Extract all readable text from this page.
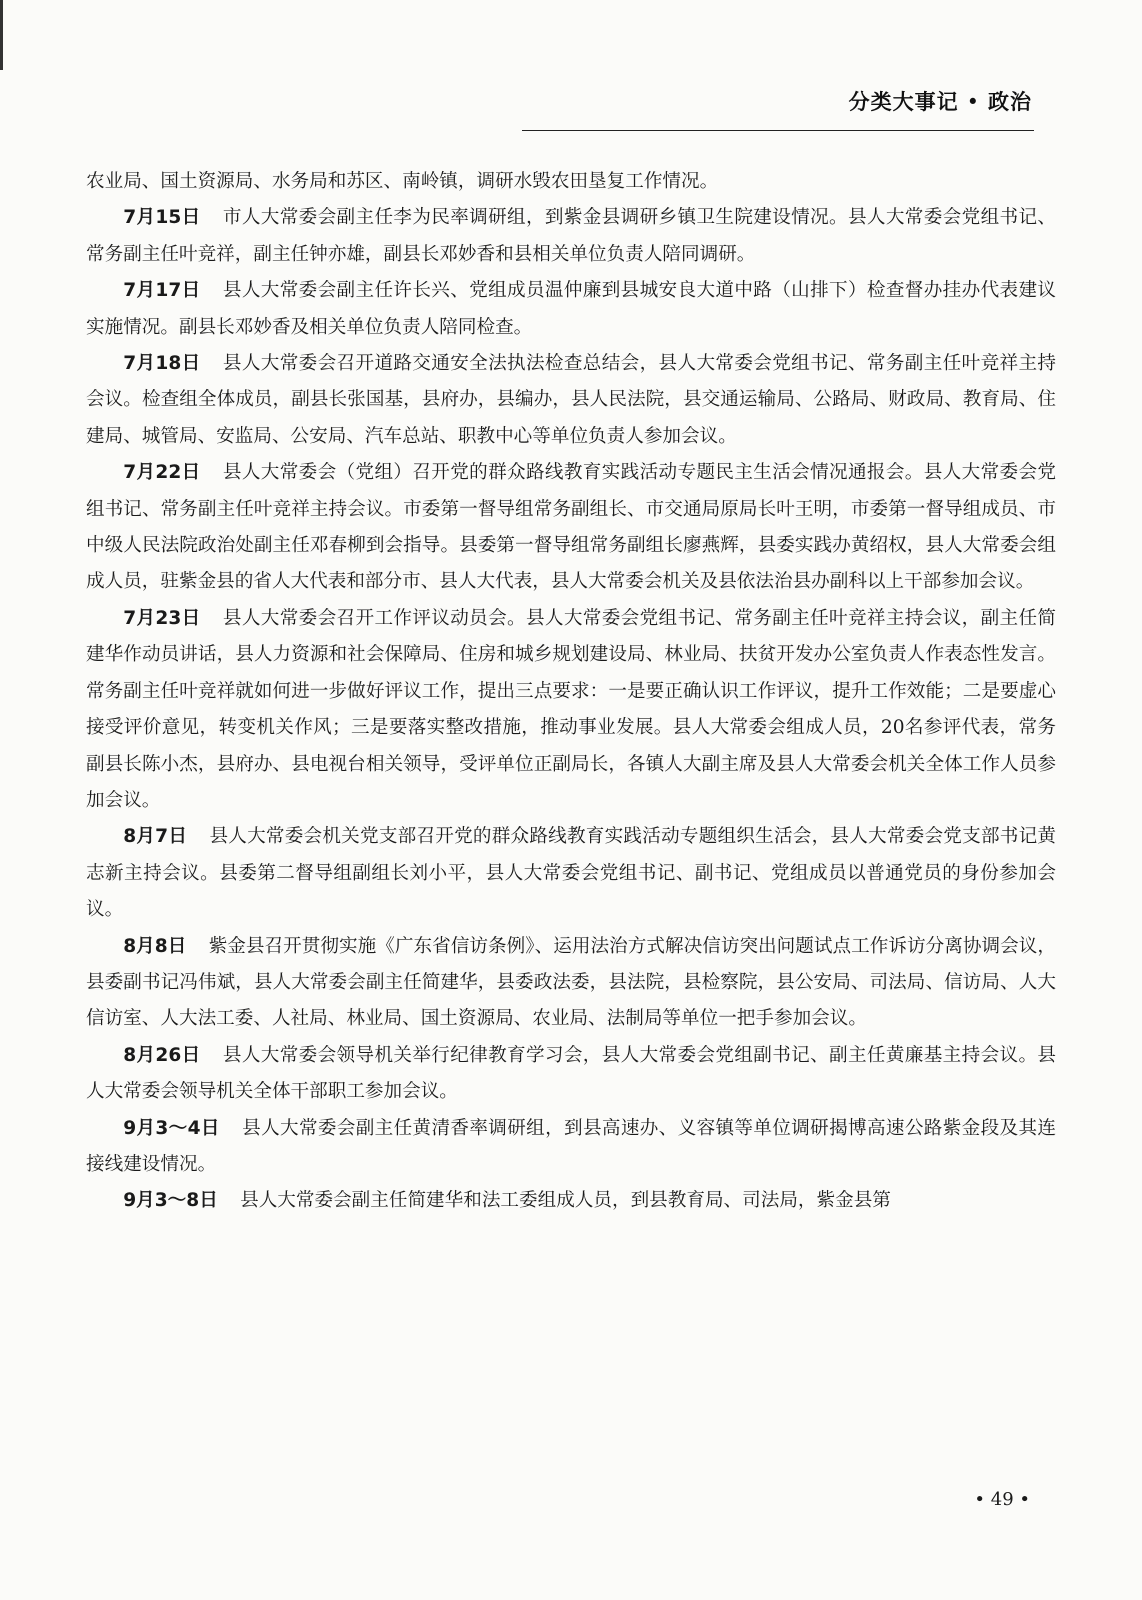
分类大事记 • 政治

农业局、国土资源局、水务局和苏区、南岭镇，调研水毁农田垦复工作情况。

7月15日 市人大常委会副主任李为民率调研组，到紫金县调研乡镇卫生院建设情况。县人大常委会党组书记、常务副主任叶竞祥，副主任钟亦雄，副县长邓妙香和县相关单位负责人陪同调研。

7月17日 县人大常委会副主任许长兴、党组成员温仲廉到县城安良大道中路（山排下）检查督办挂办代表建议实施情况。副县长邓妙香及相关单位负责人陪同检查。

7月18日 县人大常委会召开道路交通安全法执法检查总结会，县人大常委会党组书记、常务副主任叶竞祥主持会议。检查组全体成员，副县长张国基，县府办，县编办，县人民法院，县交通运输局、公路局、财政局、教育局、住建局、城管局、安监局、公安局、汽车总站、职教中心等单位负责人参加会议。

7月22日 县人大常委会（党组）召开党的群众路线教育实践活动专题民主生活会情况通报会。县人大常委会党组书记、常务副主任叶竞祥主持会议。市委第一督导组常务副组长、市交通局原局长叶王明，市委第一督导组成员、市中级人民法院政治处副主任邓春柳到会指导。县委第一督导组常务副组长廖燕辉，县委实践办黄绍权，县人大常委会组成人员，驻紫金县的省人大代表和部分市、县人大代表，县人大常委会机关及县依法治县办副科以上干部参加会议。

7月23日 县人大常委会召开工作评议动员会。县人大常委会党组书记、常务副主任叶竞祥主持会议，副主任简建华作动员讲话，县人力资源和社会保障局、住房和城乡规划建设局、林业局、扶贫开发办公室负责人作表态性发言。常务副主任叶竞祥就如何进一步做好评议工作，提出三点要求：一是要正确认识工作评议，提升工作效能；二是要虚心接受评价意见，转变机关作风；三是要落实整改措施，推动事业发展。县人大常委会组成人员，20名参评代表，常务副县长陈小杰，县府办、县电视台相关领导，受评单位正副局长，各镇人大副主席及县人大常委会机关全体工作人员参加会议。

8月7日 县人大常委会机关党支部召开党的群众路线教育实践活动专题组织生活会，县人大常委会党支部书记黄志新主持会议。县委第二督导组副组长刘小平，县人大常委会党组书记、副书记、党组成员以普通党员的身份参加会议。

8月8日 紫金县召开贯彻实施《广东省信访条例》、运用法治方式解决信访突出问题试点工作诉访分离协调会议，县委副书记冯伟斌，县人大常委会副主任简建华，县委政法委，县法院，县检察院，县公安局、司法局、信访局、人大信访室、人大法工委、人社局、林业局、国土资源局、农业局、法制局等单位一把手参加会议。

8月26日 县人大常委会领导机关举行纪律教育学习会，县人大常委会党组副书记、副主任黄廉基主持会议。县人大常委会领导机关全体干部职工参加会议。

9月3～4日 县人大常委会副主任黄清香率调研组，到县高速办、义容镇等单位调研揭博高速公路紫金段及其连接线建设情况。

9月3～8日 县人大常委会副主任简建华和法工委组成人员，到县教育局、司法局，紫金县第

• 49 •
